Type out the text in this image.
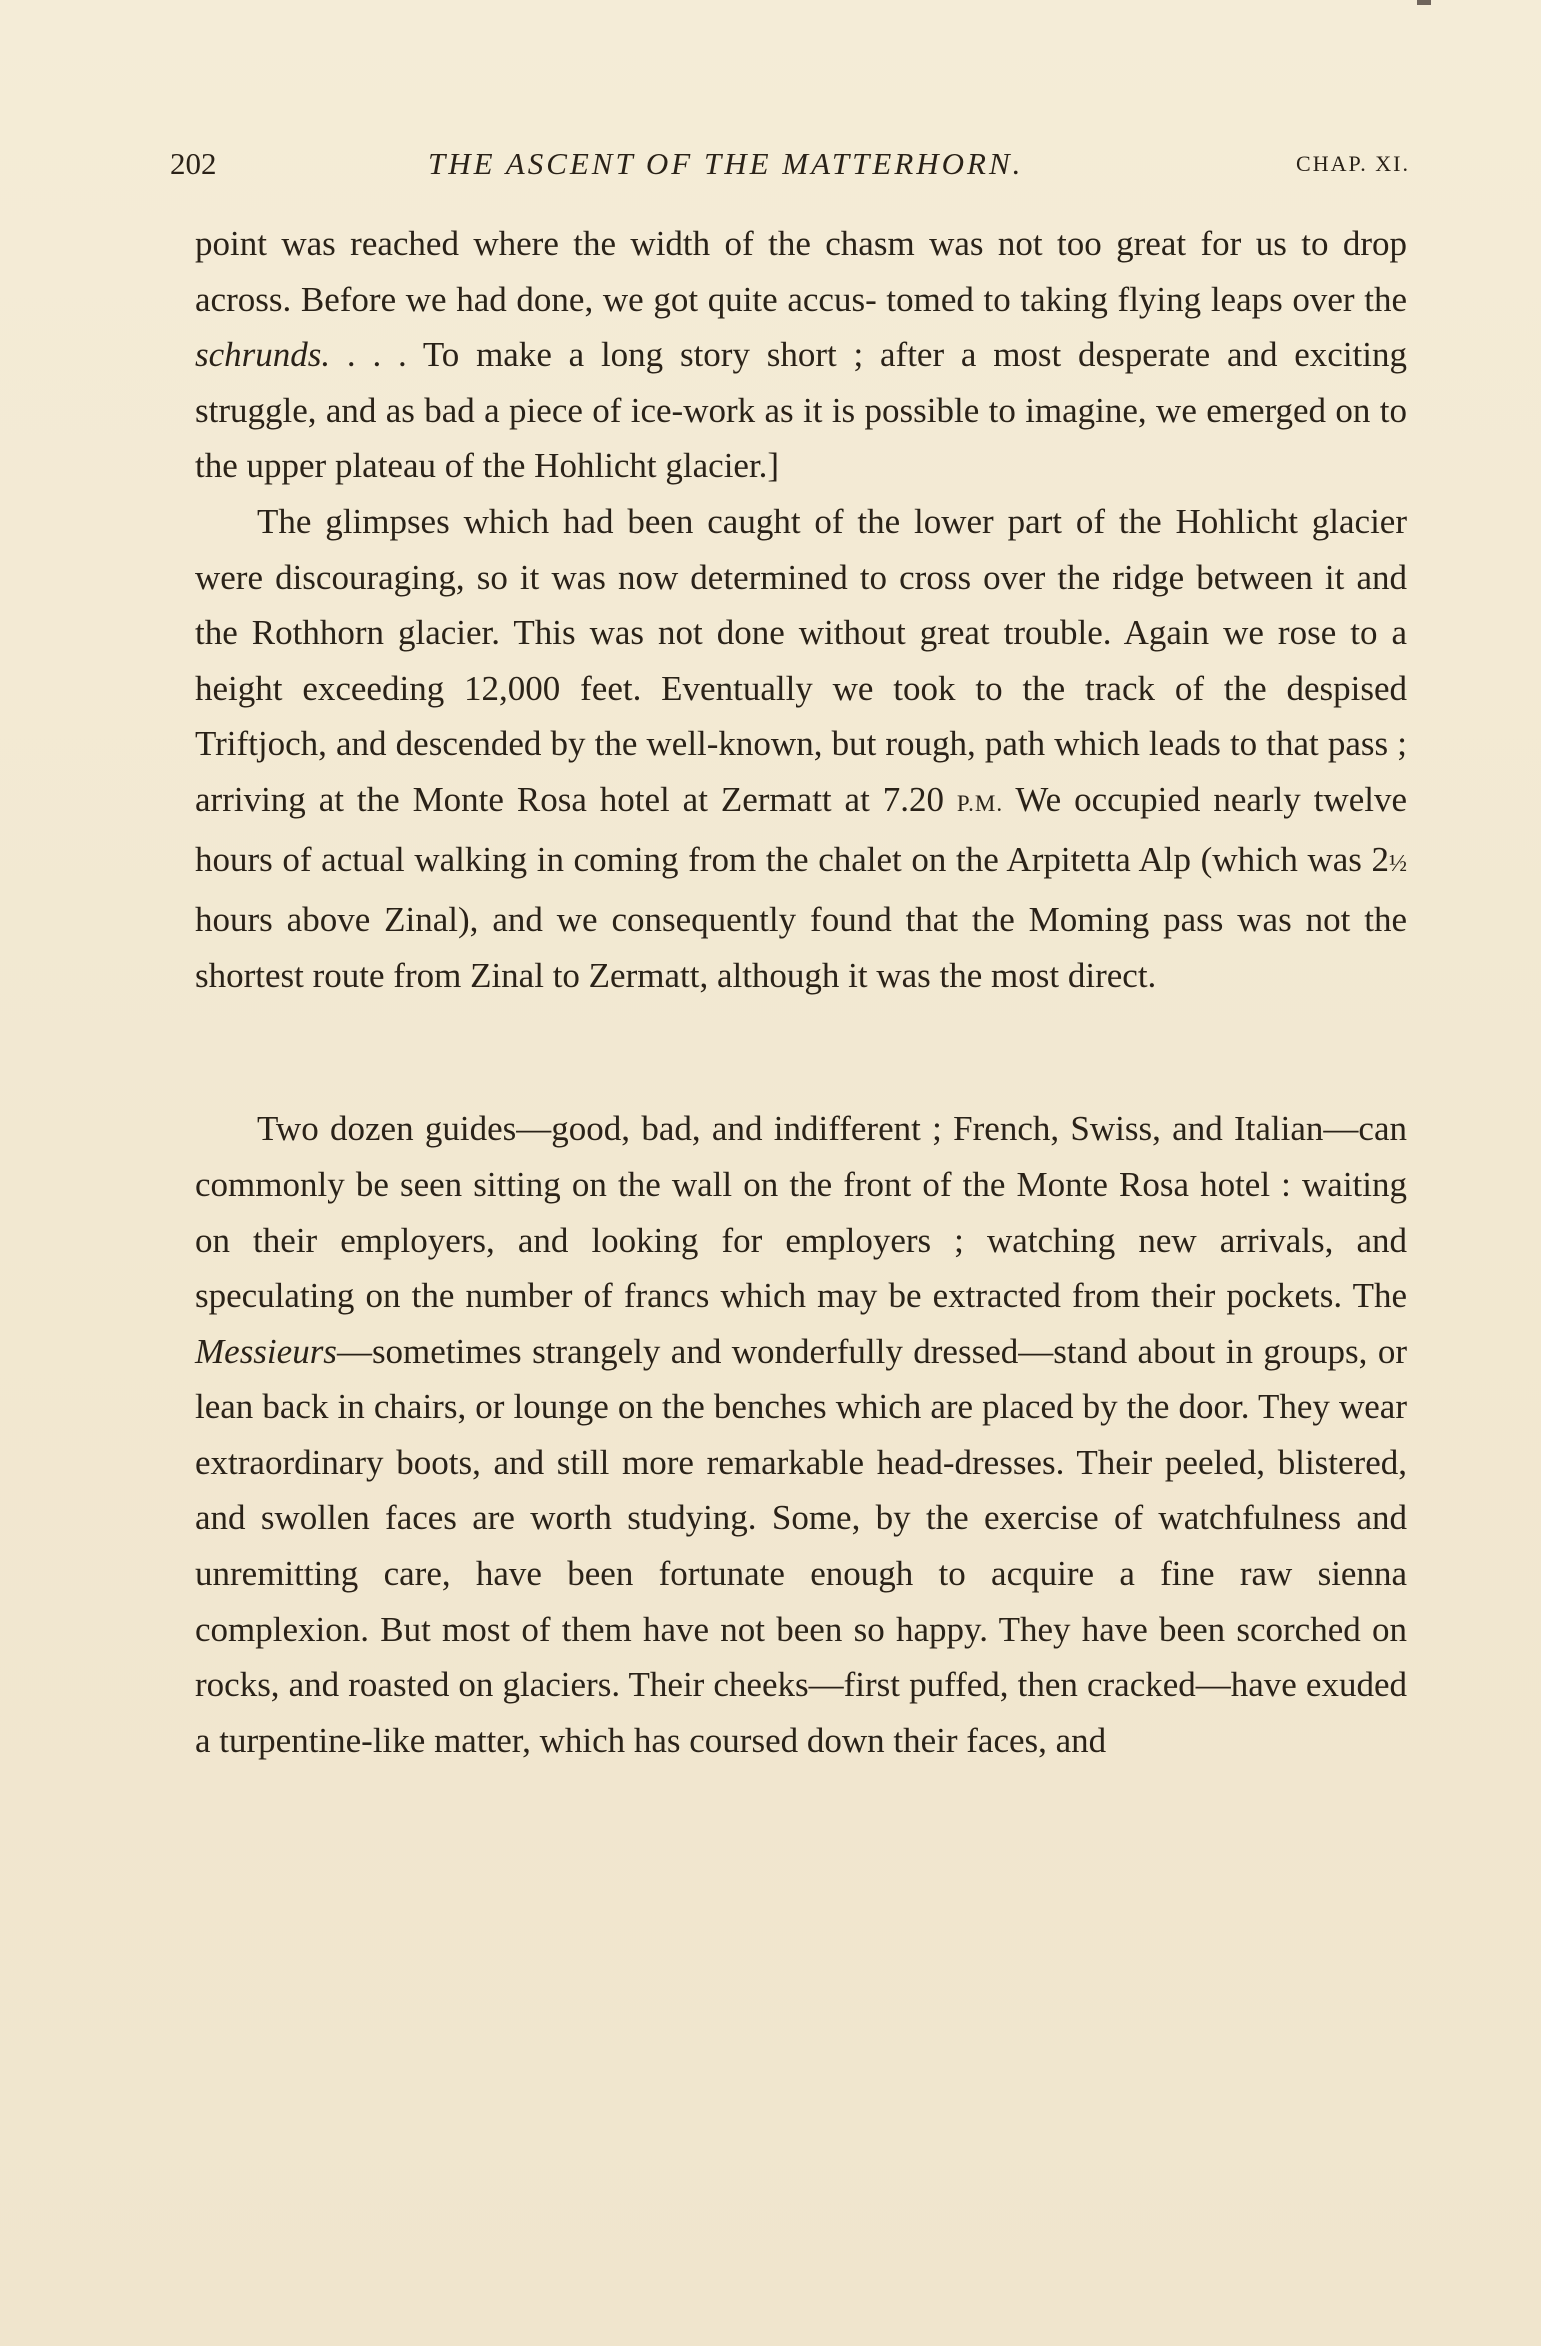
202	THE ASCENT OF THE MATTERHORN.	CHAP. XI.

point was reached where the width of the chasm was not too great for us to drop across. Before we had done, we got quite accus- tomed to taking flying leaps over the schrunds. . . . To make a long story short ; after a most desperate and exciting struggle, and as bad a piece of ice-work as it is possible to imagine, we emerged on to the upper plateau of the Hohlicht glacier.]

The glimpses which had been caught of the lower part of the Hohlicht glacier were discouraging, so it was now determined to cross over the ridge between it and the Rothhorn glacier. This was not done without great trouble. Again we rose to a height exceeding 12,000 feet. Eventually we took to the track of the despised Triftjoch, and descended by the well-known, but rough, path which leads to that pass ; arriving at the Monte Rosa hotel at Zermatt at 7.20 P.M. We occupied nearly twelve hours of actual walking in coming from the chalet on the Arpitetta Alp (which was 2½ hours above Zinal), and we consequently found that the Moming pass was not the shortest route from Zinal to Zermatt, although it was the most direct.

Two dozen guides—good, bad, and indifferent ; French, Swiss, and Italian—can commonly be seen sitting on the wall on the front of the Monte Rosa hotel : waiting on their employers, and looking for employers ; watching new arrivals, and speculating on the number of francs which may be extracted from their pockets. The Messieurs—sometimes strangely and wonderfully dressed—stand about in groups, or lean back in chairs, or lounge on the benches which are placed by the door. They wear extraordinary boots, and still more remarkable head-dresses. Their peeled, blistered, and swollen faces are worth studying. Some, by the exercise of watchfulness and unremitting care, have been fortunate enough to acquire a fine raw sienna complexion. But most of them have not been so happy. They have been scorched on rocks, and roasted on glaciers. Their cheeks—first puffed, then cracked—have exuded a turpentine-like matter, which has coursed down their faces, and
